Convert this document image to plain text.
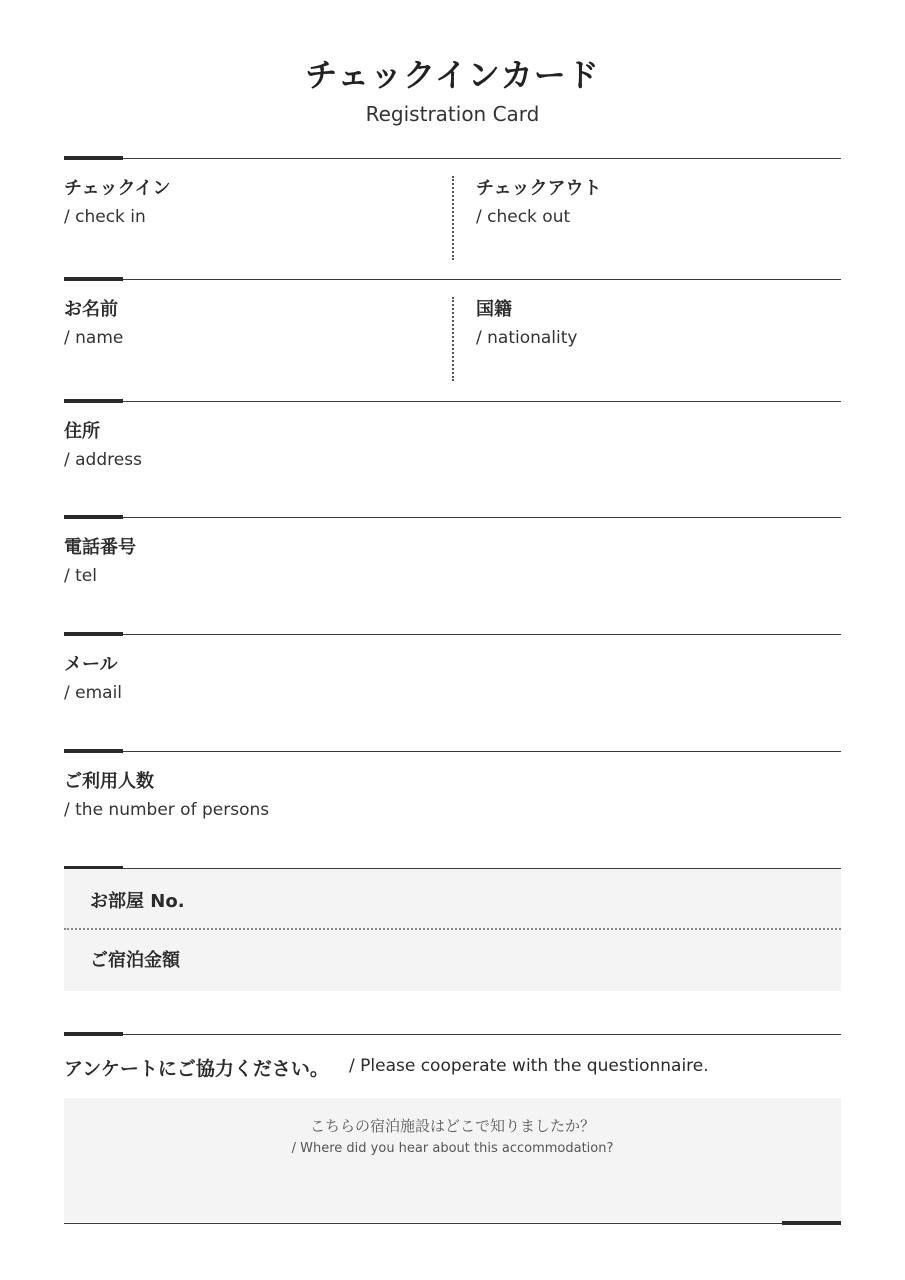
チェックインカード
Registration Card
チェックイン
/ check in
チェックアウト
/ check out
お名前
/ name
国籍
/ nationality
住所
/ address
電話番号
/ tel
メール
/ email
ご利用人数
/ the number of persons
お部屋 No.
ご宿泊金額
アンケートにご協力ください。 / Please cooperate with the questionnaire.
こちらの宿泊施設はどこで知りましたか？
/ Where did you hear about this accommodation?
